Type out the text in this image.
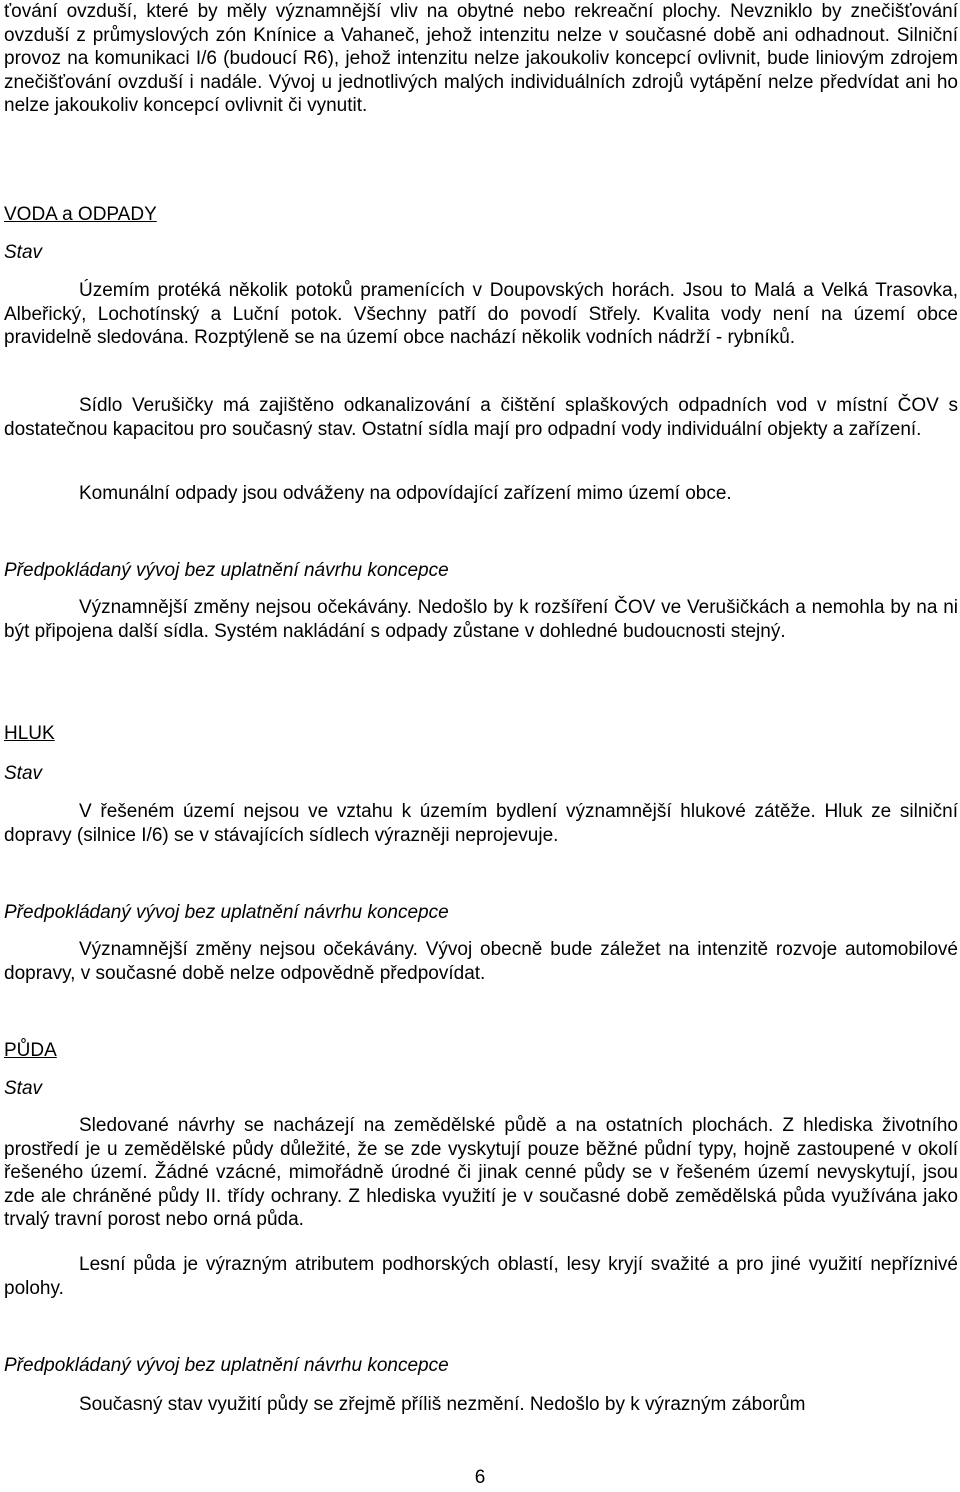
ťování ovzduší, které by měly významnější vliv na obytné nebo rekreační plochy. Nevzniklo by znečišťování ovzduší z průmyslových zón Knínice a Vahaneč, jehož intenzitu nelze v současné době ani odhadnout. Silniční provoz na komunikaci I/6 (budoucí R6), jehož intenzitu nelze jakoukoliv koncepcí ovlivnit, bude liniovým zdrojem znečišťování ovzduší i nadále. Vývoj u jednotlivých malých individuálních zdrojů vytápění nelze předvídat ani ho nelze jakoukoliv koncepcí ovlivnit či vynutit.

VODA a ODPADY

Stav

Územím protéká několik potoků pramenících v Doupovských horách. Jsou to Malá a Velká Trasovka, Albeřický, Lochotínský a Luční potok. Všechny patří do povodí Střely. Kvalita vody není na území obce pravidelně sledována. Rozptýleně se na území obce nachází několik vodních nádrží - rybníků.

Sídlo Verušičky má zajištěno odkanalizování a čištění splaškových odpadních vod v místní ČOV s dostatečnou kapacitou pro současný stav. Ostatní sídla mají pro odpadní vody individuální objekty a zařízení.

Komunální odpady jsou odváženy na odpovídající zařízení mimo území obce.

Předpokládaný vývoj bez uplatnění návrhu koncepce

Významnější změny nejsou očekávány. Nedošlo by k rozšíření ČOV ve Verušičkách a nemohla by na ni být připojena další sídla. Systém nakládání s odpady zůstane v dohledné budoucnosti stejný.

HLUK

Stav

V řešeném území nejsou ve vztahu k územím bydlení významnější hlukové zátěže. Hluk ze silniční dopravy (silnice I/6) se v stávajících sídlech výrazněji neprojevuje.

Předpokládaný vývoj bez uplatnění návrhu koncepce

Významnější změny nejsou očekávány. Vývoj obecně bude záležet na intenzitě rozvoje automobilové dopravy, v současné době nelze odpovědně předpovídat.

PŮDA

Stav

Sledované návrhy se nacházejí na zemědělské půdě a na ostatních plochách. Z hlediska životního prostředí je u zemědělské půdy důležité, že se zde vyskytují pouze běžné půdní typy, hojně zastoupené v okolí řešeného území. Žádné vzácné, mimořádně úrodné či jinak cenné půdy se v řešeném území nevyskytují, jsou zde ale chráněné půdy II. třídy ochrany. Z hlediska využití je v současné době zemědělská půda využívána jako trvalý travní porost nebo orná půda.

Lesní půda je výrazným atributem podhorských oblastí, lesy kryjí svažité a pro jiné využití nepříznivé polohy.

Předpokládaný vývoj bez uplatnění návrhu koncepce

Současný stav využití půdy se zřejmě příliš nezmění. Nedošlo by k výrazným záborům

6
